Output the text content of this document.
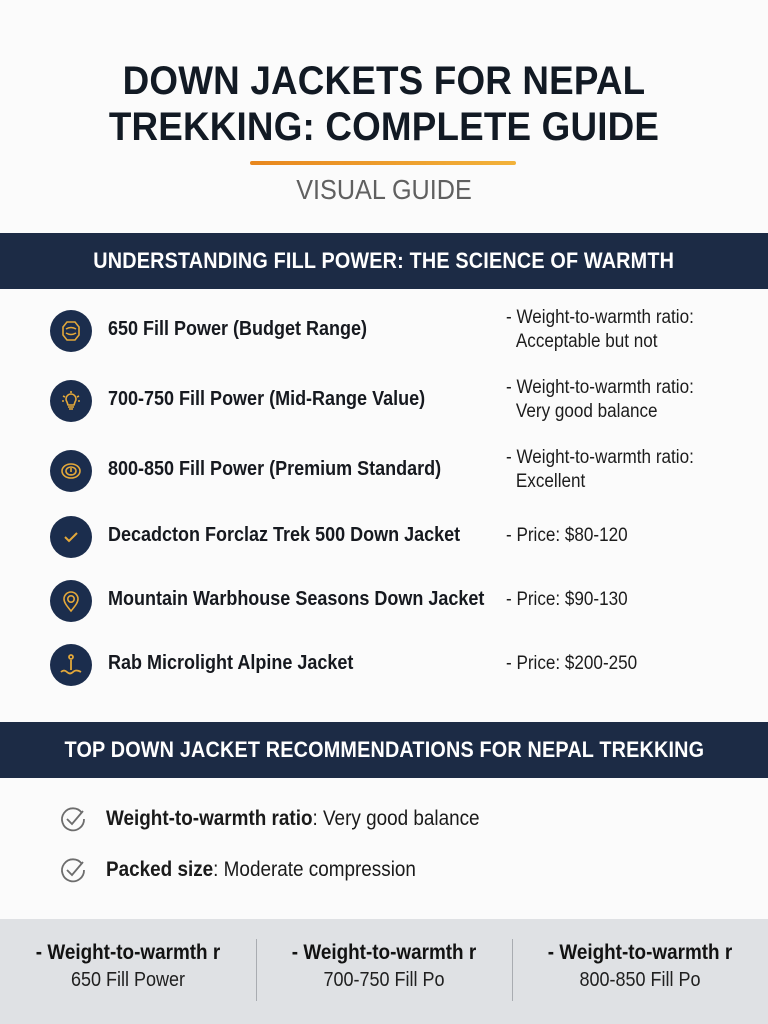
DOWN JACKETS FOR NEPAL
TREKKING: COMPLETE GUIDE
VISUAL GUIDE
UNDERSTANDING FILL POWER: THE SCIENCE OF WARMTH
650 Fill Power (Budget Range)
- Weight-to-warmth ratio:
Acceptable but not
700-750 Fill Power (Mid-Range Value)
- Weight-to-warmth ratio:
Very good balance
800-850 Fill Power (Premium Standard)
- Weight-to-warmth ratio:
Excellent
Decadcton Forclaz Trek 500 Down Jacket - Price: $80-120
Mountain Warbhouse Seasons Down Jacket - Price: $90-130
Rab Microlight Alpine Jacket	- Price: $200-250
TOP DOWN JACKET RECOMMENDATIONS FOR NEPAL TREKKING
Weight-to-warmth ratio: Very good balance
Packed size: Moderate compression
- Weight-to-warmth r
650 Fill Power
- Weight-to-warmth r
700-750 Fill Po
- Weight-to-warmth r
800-850 Fill Po
